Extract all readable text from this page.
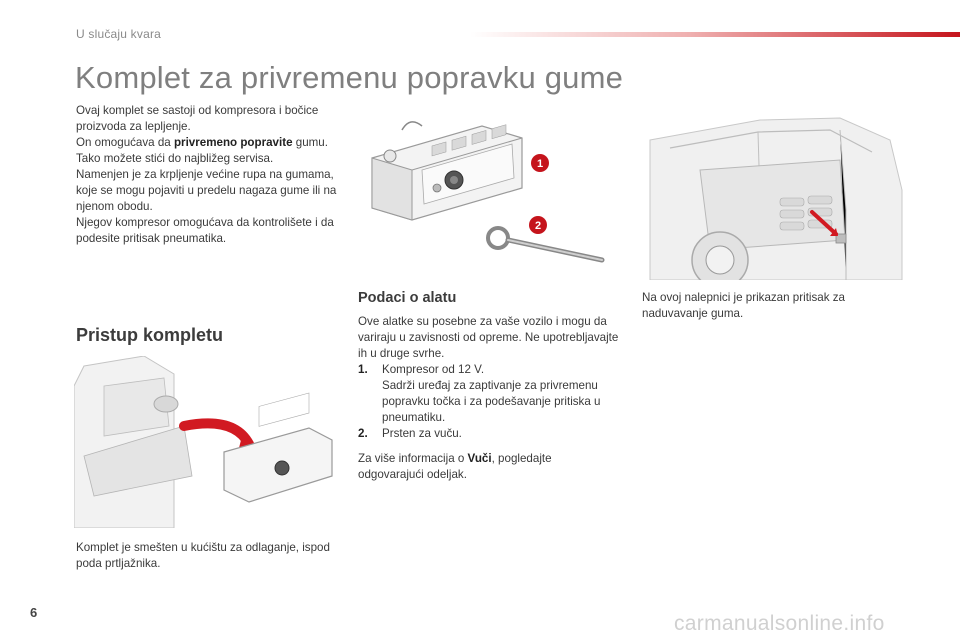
U slučaju kvara
Komplet za privremenu popravku gume
Ovaj komplet se sastoji od kompresora i bočice proizvoda za lepljenje.
On omogućava da privremeno popravite gumu.
Tako možete stići do najbližeg servisa.
Namenjen je za krpljenje većine rupa na gumama, koje se mogu pojaviti u predelu nagaza gume ili na njenom obodu.
Njegov kompresor omogućava da kontrolišete i da podesite pritisak pneumatika.
1
2
Pristup kompletu
Podaci o alatu
Ove alatke su posebne za vaše vozilo i mogu da variraju u zavisnosti od opreme. Ne upotrebljavajte ih u druge svrhe.
1.	Kompresor od 12 V.
Sadrži uređaj za zaptivanje za privremenu popravku točka i za podešavanje pritiska u pneumatiku.
2.	Prsten za vuču.
Za više informacija o Vuči, pogledajte odgovarajući odeljak.
Na ovoj nalepnici je prikazan pritisak za naduvavanje guma.
Komplet je smešten u kućištu za odlaganje, ispod poda prtljažnika.
6	carmanualsonline.info
